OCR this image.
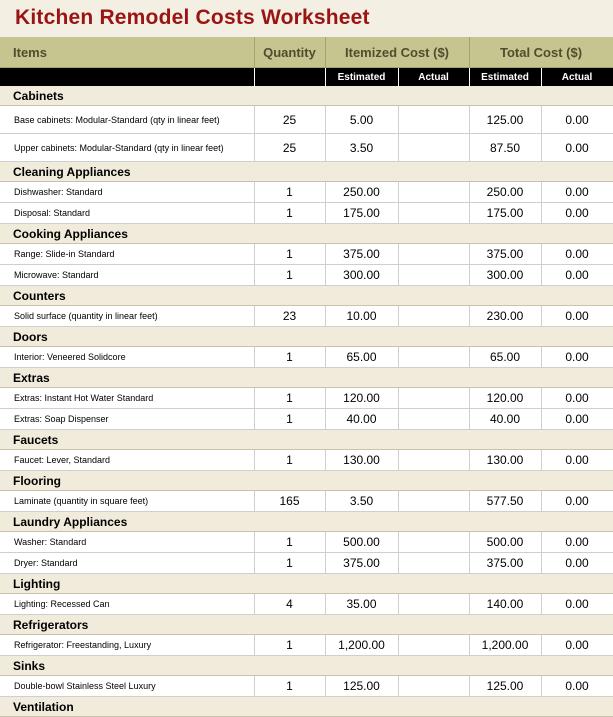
Kitchen Remodel Costs Worksheet
Items	Quantity	Itemized Cost ($)		Total Cost ($)	
		Estimated	Actual	Estimated	Actual
Cabinets					
Base cabinets: Modular-Standard (qty in linear feet)	25	5.00		125.00	0.00
Upper cabinets: Modular-Standard (qty in linear feet)	25	3.50		87.50	0.00
Cleaning Appliances					
Dishwasher: Standard	1	250.00		250.00	0.00
Disposal: Standard	1	175.00		175.00	0.00
Cooking Appliances					
Range: Slide-in Standard	1	375.00		375.00	0.00
Microwave: Standard	1	300.00		300.00	0.00
Counters					
Solid surface (quantity in linear feet)	23	10.00		230.00	0.00
Doors					
Interior: Veneered Solidcore	1	65.00		65.00	0.00
Extras					
Extras: Instant Hot Water Standard	1	120.00		120.00	0.00
Extras: Soap Dispenser	1	40.00		40.00	0.00
Faucets					
Faucet: Lever, Standard	1	130.00		130.00	0.00
Flooring					
Laminate (quantity in square feet)	165	3.50		577.50	0.00
Laundry Appliances					
Washer: Standard	1	500.00		500.00	0.00
Dryer: Standard	1	375.00		375.00	0.00
Lighting					
Lighting: Recessed Can	4	35.00		140.00	0.00
Refrigerators					
Refrigerator: Freestanding, Luxury	1	1,200.00		1,200.00	0.00
Sinks					
Double-bowl Stainless Steel Luxury	1	125.00		125.00	0.00
Ventilation					
